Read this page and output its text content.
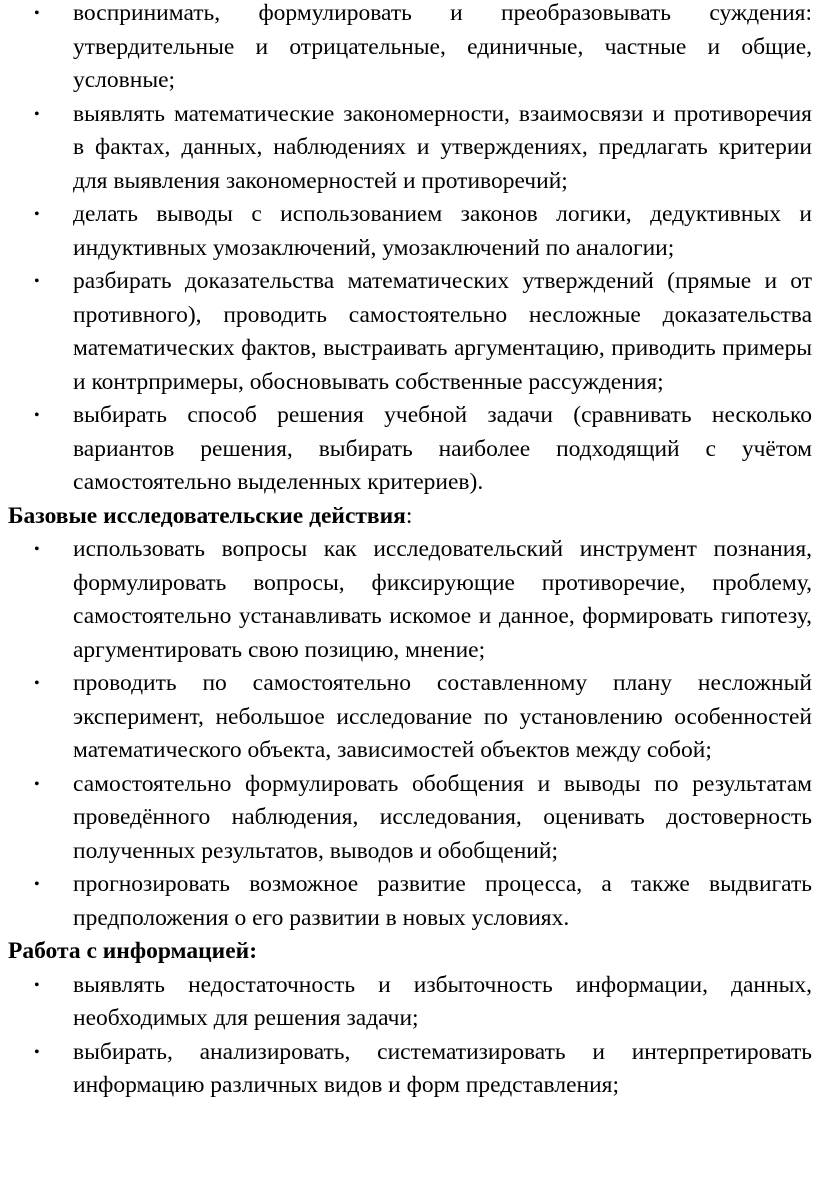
• воспринимать, формулировать и преобразовывать суждения: утвердительные и отрицательные, единичные, частные и общие, условные;
• выявлять математические закономерности, взаимосвязи и противоречия в фактах, данных, наблюдениях и утверждениях, предлагать критерии для выявления закономерностей и противоречий;
• делать выводы с использованием законов логики, дедуктивных и индуктивных умозаключений, умозаключений по аналогии;
• разбирать доказательства математических утверждений (прямые и от противного), проводить самостоятельно несложные доказательства математических фактов, выстраивать аргументацию, приводить примеры и контрпримеры, обосновывать собственные рассуждения;
• выбирать способ решения учебной задачи (сравнивать несколько вариантов решения, выбирать наиболее подходящий с учётом самостоятельно выделенных критериев).
Базовые исследовательские действия:
• использовать вопросы как исследовательский инструмент познания, формулировать вопросы, фиксирующие противоречие, проблему, самостоятельно устанавливать искомое и данное, формировать гипотезу, аргументировать свою позицию, мнение;
• проводить по самостоятельно составленному плану несложный эксперимент, небольшое исследование по установлению особенностей математического объекта, зависимостей объектов между собой;
• самостоятельно формулировать обобщения и выводы по результатам проведённого наблюдения, исследования, оценивать достоверность полученных результатов, выводов и обобщений;
• прогнозировать возможное развитие процесса, а также выдвигать предположения о его развитии в новых условиях.
Работа с информацией:
• выявлять недостаточность и избыточность информации, данных, необходимых для решения задачи;
• выбирать, анализировать, систематизировать и интерпретировать информацию различных видов и форм представления;
